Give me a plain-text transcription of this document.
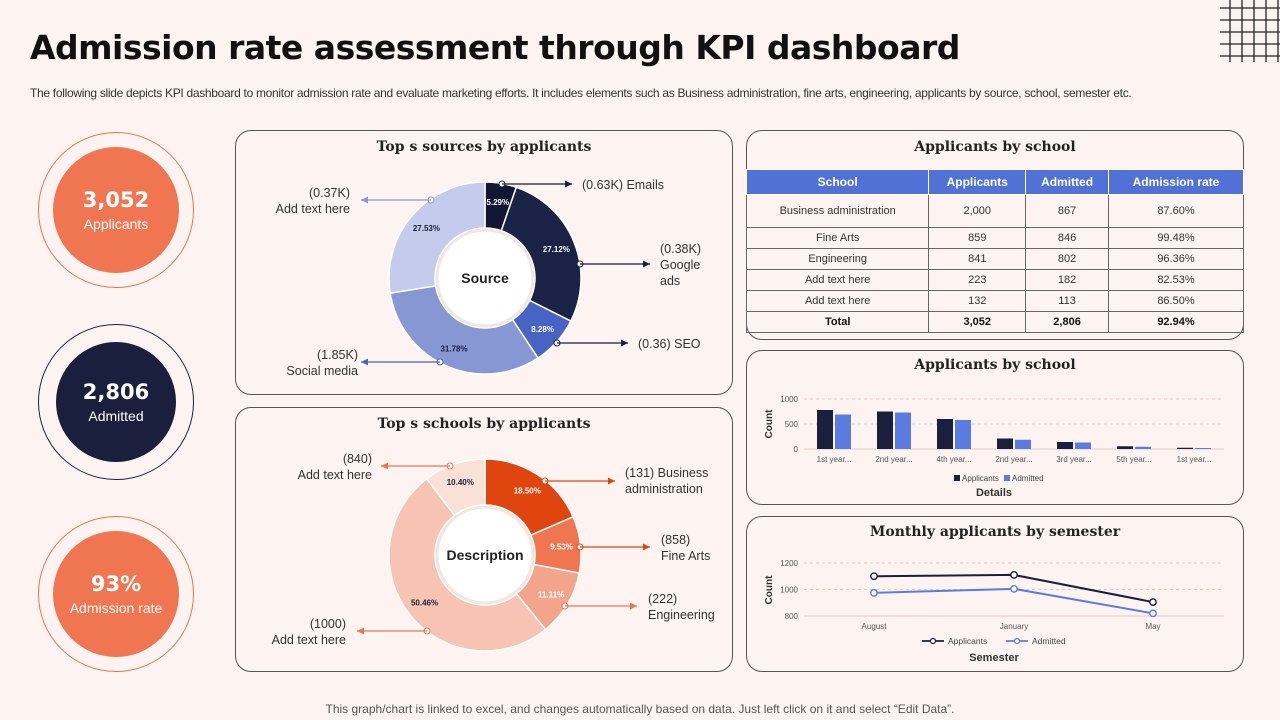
Admission rate assessment through KPI dashboard
The following slide depicts KPI dashboard to monitor admission rate and evaluate marketing efforts. It includes elements such as Business administration, fine arts, engineering, applicants by source, school, semester etc.
3,052
Applicants
2,806
Admitted
93%
Admission rate
Top s sources by applicants
5.29%
27.12%
8.28%
31.78%
27.53%
Source
(0.63K) Emails
(0.38K)
Google
ads
(0.36) SEO
(1.85K)
Social media
(0.37K)
Add text here
Top s schools by applicants
18.50%
9.53%
11.11%
50.46%
10.40%
Description
(131) Business
administration
(858)
Fine Arts
(222)
Engineering
(1000)
Add text here
(840)
Add text here
Applicants by school
School	Applicants	Admitted	Admission rate
Business administration	2,000	867	87.60%
Fine Arts	859	846	99.48%
Engineering	841	802	96.36%
Add text here	223	182	82.53%
Add text here	132	113	86.50%
Total	3,052	2,806	92.94%
Applicants by school
0
500
1000
Count
1st year...	2nd year...	4th year...	2nd year...	3rd year...	5th year...	1st year...
Applicants Admitted
Details
Monthly applicants by semester
800
1000
1200
Count
August	January	May
Applicants	Admitted
Semester
This graph/chart is linked to excel, and changes automatically based on data. Just left click on it and select “Edit Data”.
